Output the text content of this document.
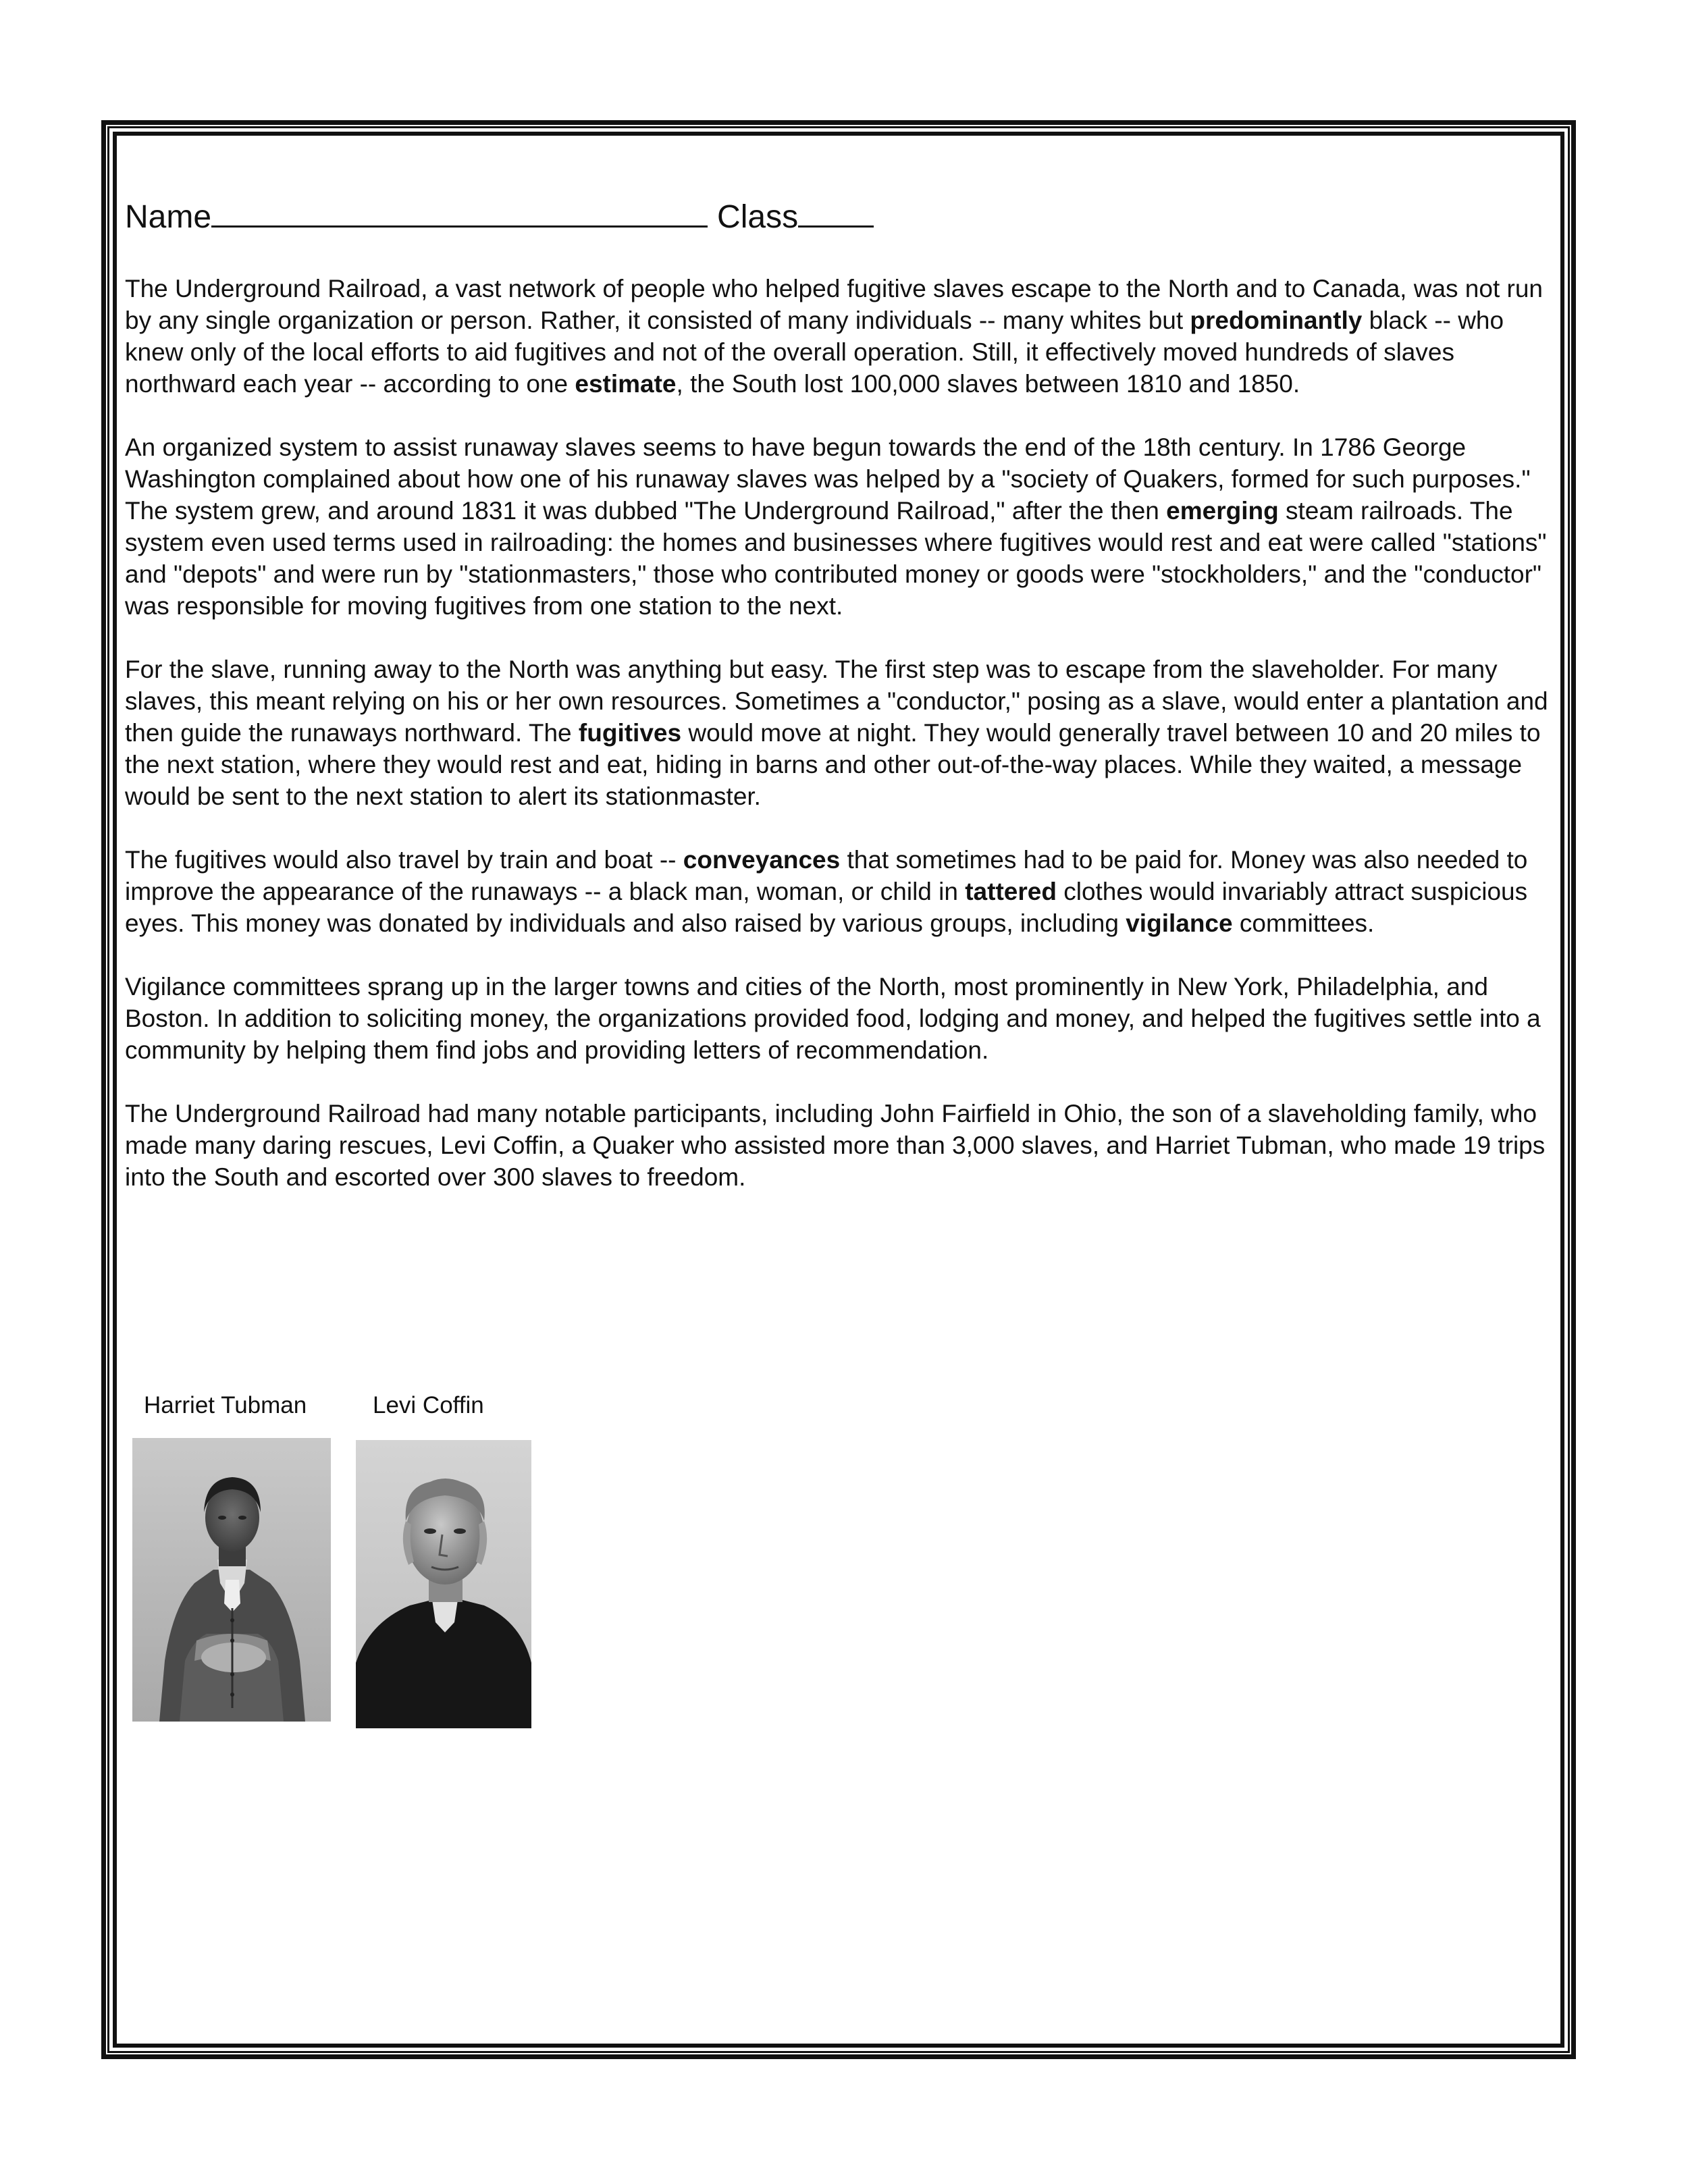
Name	Class

The Underground Railroad, a vast network of people who helped fugitive slaves escape to the North and to Canada, was not run by any single organization or person. Rather, it consisted of many individuals -- many whites but predominantly black -- who knew only of the local efforts to aid fugitives and not of the overall operation. Still, it effectively moved hundreds of slaves northward each year -- according to one estimate, the South lost 100,000 slaves between 1810 and 1850.

An organized system to assist runaway slaves seems to have begun towards the end of the 18th century. In 1786 George Washington complained about how one of his runaway slaves was helped by a "society of Quakers, formed for such purposes." The system grew, and around 1831 it was dubbed "The Underground Railroad," after the then emerging steam railroads. The system even used terms used in railroading: the homes and businesses where fugitives would rest and eat were called "stations" and "depots" and were run by "stationmasters," those who contributed money or goods were "stockholders," and the "conductor" was responsible for moving fugitives from one station to the next.

For the slave, running away to the North was anything but easy. The first step was to escape from the slaveholder. For many slaves, this meant relying on his or her own resources. Sometimes a "conductor," posing as a slave, would enter a plantation and then guide the runaways northward. The fugitives would move at night. They would generally travel between 10 and 20 miles to the next station, where they would rest and eat, hiding in barns and other out-of-the-way places. While they waited, a message would be sent to the next station to alert its stationmaster.

The fugitives would also travel by train and boat -- conveyances that sometimes had to be paid for. Money was also needed to improve the appearance of the runaways -- a black man, woman, or child in tattered clothes would invariably attract suspicious eyes. This money was donated by individuals and also raised by various groups, including vigilance committees.

Vigilance committees sprang up in the larger towns and cities of the North, most prominently in New York, Philadelphia, and Boston. In addition to soliciting money, the organizations provided food, lodging and money, and helped the fugitives settle into a community by helping them find jobs and providing letters of recommendation.

The Underground Railroad had many notable participants, including John Fairfield in Ohio, the son of a slaveholding family, who made many daring rescues, Levi Coffin, a Quaker who assisted more than 3,000 slaves, and Harriet Tubman, who made 19 trips into the South and escorted over 300 slaves to freedom.

Harriet Tubman	Levi Coffin
